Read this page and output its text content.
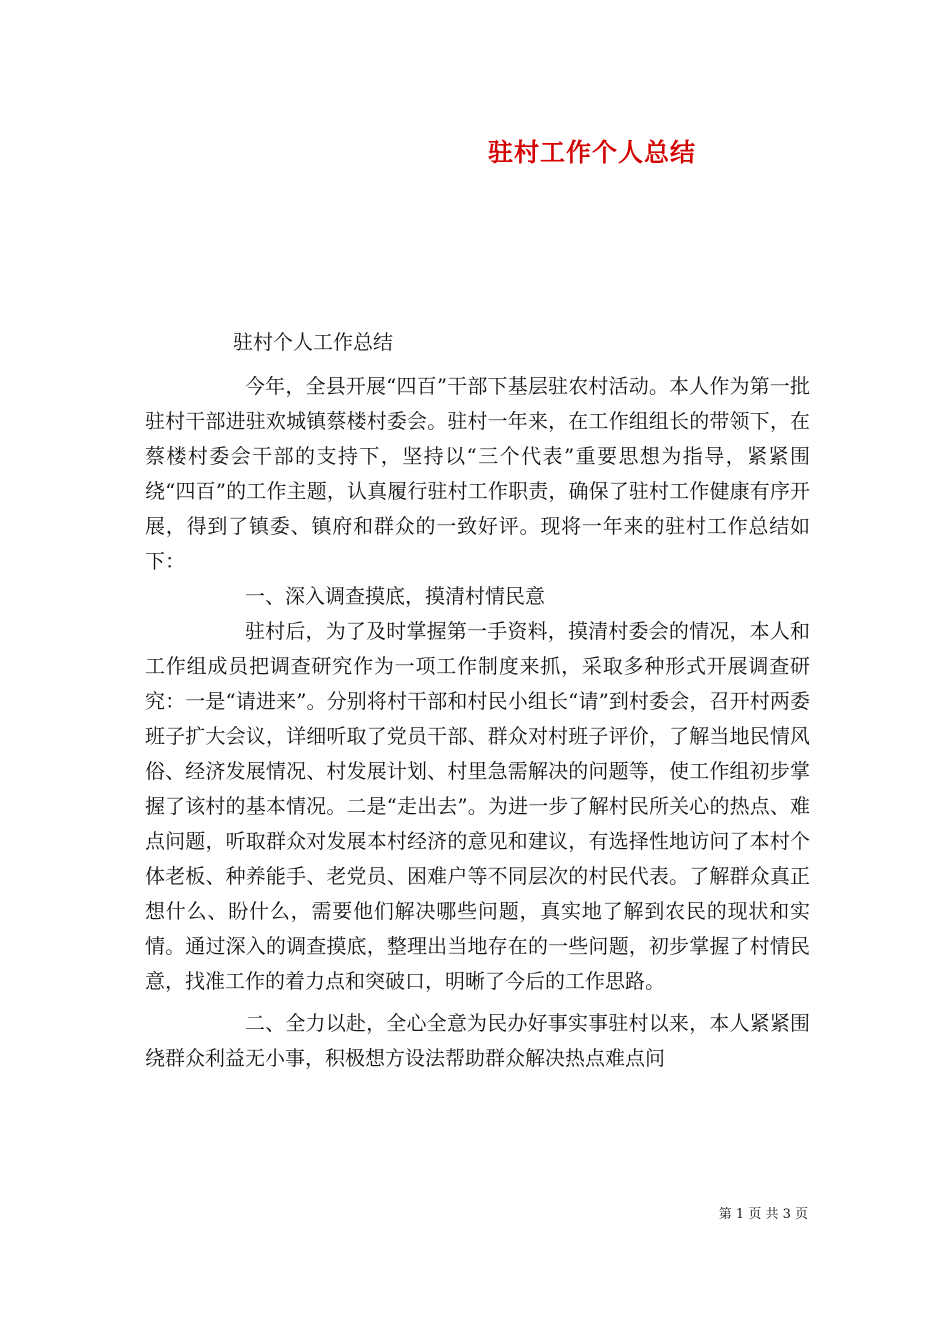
驻村工作个人总结

驻村个人工作总结

今年，全县开展“四百”干部下基层驻农村活动。本人作为第一批驻村干部进驻欢城镇蔡楼村委会。驻村一年来，在工作组组长的带领下，在蔡楼村委会干部的支持下，坚持以“三个代表”重要思想为指导，紧紧围绕“四百”的工作主题，认真履行驻村工作职责，确保了驻村工作健康有序开展，得到了镇委、镇府和群众的一致好评。现将一年来的驻村工作总结如下：

一、深入调查摸底，摸清村情民意

驻村后，为了及时掌握第一手资料，摸清村委会的情况，本人和工作组成员把调查研究作为一项工作制度来抓，采取多种形式开展调查研究：一是“请进来”。分别将村干部和村民小组长“请”到村委会，召开村两委班子扩大会议，详细听取了党员干部、群众对村班子评价，了解当地民情风俗、经济发展情况、村发展计划、村里急需解决的问题等，使工作组初步掌握了该村的基本情况。二是“走出去”。为进一步了解村民所关心的热点、难点问题，听取群众对发展本村经济的意见和建议，有选择性地访问了本村个体老板、种养能手、老党员、困难户等不同层次的村民代表。了解群众真正想什么、盼什么，需要他们解决哪些问题，真实地了解到农民的现状和实情。通过深入的调查摸底，整理出当地存在的一些问题，初步掌握了村情民意，找准工作的着力点和突破口，明晰了今后的工作思路。

二、全力以赴，全心全意为民办好事实事驻村以来，本人紧紧围绕群众利益无小事，积极想方设法帮助群众解决热点难点问

第 1 页 共 3 页
